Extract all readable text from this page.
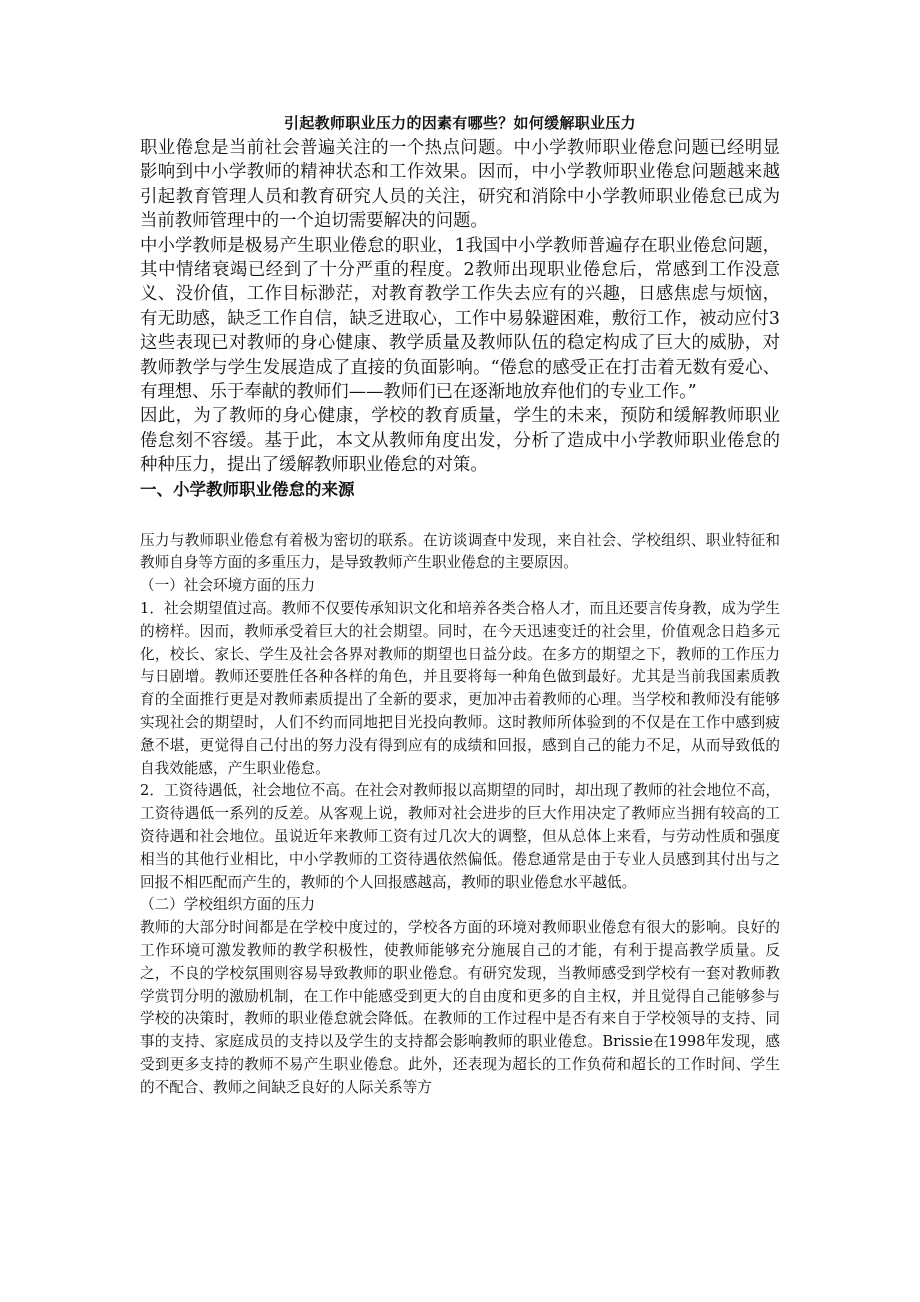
引起教师职业压力的因素有哪些？如何缓解职业压力

职业倦怠是当前社会普遍关注的一个热点问题。中小学教师职业倦怠问题已经明显影响到中小学教师的精神状态和工作效果。因而，中小学教师职业倦怠问题越来越引起教育管理人员和教育研究人员的关注，研究和消除中小学教师职业倦怠已成为当前教师管理中的一个迫切需要解决的问题。

中小学教师是极易产生职业倦怠的职业，1我国中小学教师普遍存在职业倦怠问题，其中情绪衰竭已经到了十分严重的程度。2教师出现职业倦怠后，常感到工作没意义、没价值，工作目标渺茫，对教育教学工作失去应有的兴趣，日感焦虑与烦恼，有无助感，缺乏工作自信，缺乏进取心，工作中易躲避困难，敷衍工作，被动应付3这些表现已对教师的身心健康、教学质量及教师队伍的稳定构成了巨大的威胁，对教师教学与学生发展造成了直接的负面影响。“倦怠的感受正在打击着无数有爱心、有理想、乐于奉献的教师们——教师们已在逐渐地放弃他们的专业工作。”

因此，为了教师的身心健康，学校的教育质量，学生的未来，预防和缓解教师职业倦怠刻不容缓。基于此，本文从教师角度出发，分析了造成中小学教师职业倦怠的种种压力，提出了缓解教师职业倦怠的对策。

一、小学教师职业倦怠的来源

压力与教师职业倦怠有着极为密切的联系。在访谈调查中发现，来自社会、学校组织、职业特征和教师自身等方面的多重压力，是导致教师产生职业倦怠的主要原因。

（一）社会环境方面的压力

1．社会期望值过高。教师不仅要传承知识文化和培养各类合格人才，而且还要言传身教，成为学生的榜样。因而，教师承受着巨大的社会期望。同时，在今天迅速变迁的社会里，价值观念日趋多元化，校长、家长、学生及社会各界对教师的期望也日益分歧。在多方的期望之下，教师的工作压力与日剧增。教师还要胜任各种各样的角色，并且要将每一种角色做到最好。尤其是当前我国素质教育的全面推行更是对教师素质提出了全新的要求，更加冲击着教师的心理。当学校和教师没有能够实现社会的期望时，人们不约而同地把目光投向教师。这时教师所体验到的不仅是在工作中感到疲惫不堪，更觉得自己付出的努力没有得到应有的成绩和回报，感到自己的能力不足，从而导致低的自我效能感，产生职业倦怠。

2．工资待遇低，社会地位不高。在社会对教师报以高期望的同时，却出现了教师的社会地位不高，工资待遇低一系列的反差。从客观上说，教师对社会进步的巨大作用决定了教师应当拥有较高的工资待遇和社会地位。虽说近年来教师工资有过几次大的调整，但从总体上来看，与劳动性质和强度相当的其他行业相比，中小学教师的工资待遇依然偏低。倦怠通常是由于专业人员感到其付出与之回报不相匹配而产生的，教师的个人回报感越高，教师的职业倦怠水平越低。

（二）学校组织方面的压力

教师的大部分时间都是在学校中度过的，学校各方面的环境对教师职业倦怠有很大的影响。良好的工作环境可激发教师的教学积极性，使教师能够充分施展自己的才能，有利于提高教学质量。反之，不良的学校氛围则容易导致教师的职业倦怠。有研究发现，当教师感受到学校有一套对教师教学赏罚分明的激励机制，在工作中能感受到更大的自由度和更多的自主权，并且觉得自己能够参与学校的决策时，教师的职业倦怠就会降低。在教师的工作过程中是否有来自于学校领导的支持、同事的支持、家庭成员的支持以及学生的支持都会影响教师的职业倦怠。Brissie在1998年发现，感受到更多支持的教师不易产生职业倦怠。此外，还表现为超长的工作负荷和超长的工作时间、学生的不配合、教师之间缺乏良好的人际关系等方
